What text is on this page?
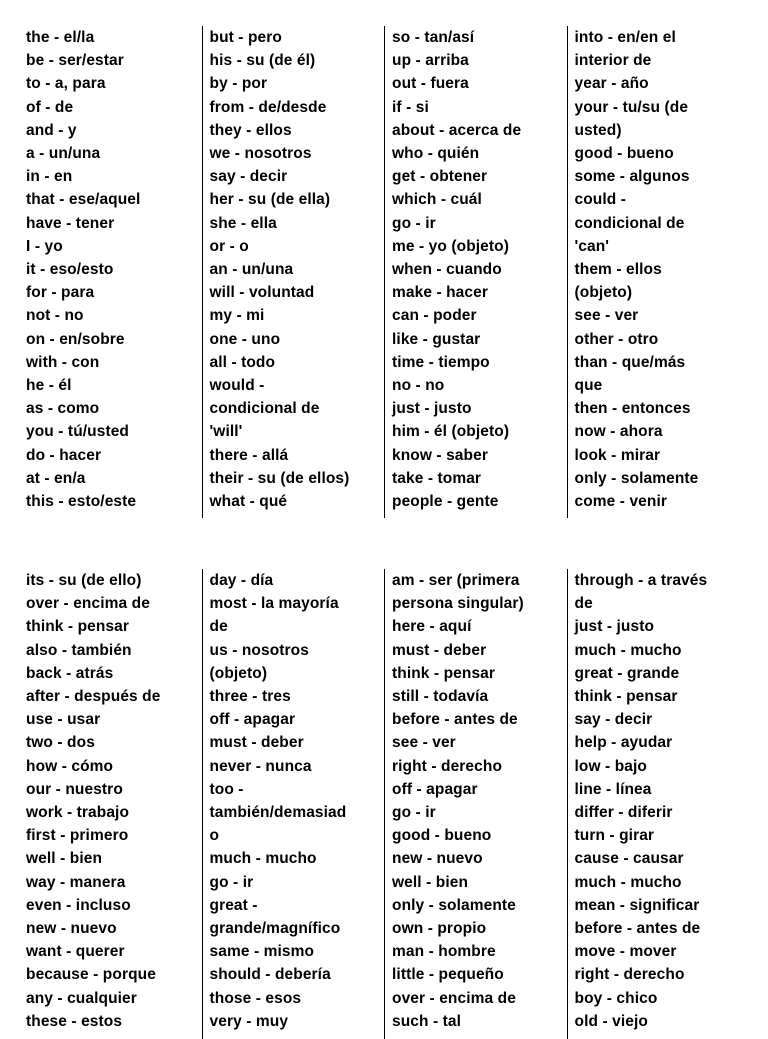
the - el/la
be - ser/estar
to - a, para
of - de
and - y
a - un/una
in - en
that - ese/aquel
have - tener
I - yo
it - eso/esto
for - para
not - no
on - en/sobre
with - con
he - él
as - como
you - tú/usted
do - hacer
at - en/a
this - esto/este
but - pero
his - su (de él)
by - por
from - de/desde
they - ellos
we - nosotros
say - decir
her - su (de ella)
she - ella
or - o
an - un/una
will - voluntad
my - mi
one - uno
all - todo
would -
condicional de
'will'
there - allá
their - su (de ellos)
what - qué
so - tan/así
up - arriba
out - fuera
if - si
about - acerca de
who - quién
get - obtener
which - cuál
go - ir
me - yo (objeto)
when - cuando
make - hacer
can - poder
like - gustar
time - tiempo
no - no
just - justo
him - él (objeto)
know - saber
take - tomar
people - gente
into - en/en el
interior de
year - año
your - tu/su (de
usted)
good - bueno
some - algunos
could -
condicional de
'can'
them - ellos
(objeto)
see - ver
other - otro
than - que/más
que
then - entonces
now - ahora
look - mirar
only - solamente
come - venir
its - su (de ello)
over - encima de
think - pensar
also - también
back - atrás
after - después de
use - usar
two - dos
how - cómo
our - nuestro
work - trabajo
first - primero
well - bien
way - manera
even - incluso
new - nuevo
want - querer
because - porque
any - cualquier
these - estos
day - día
most - la mayoría
de
us - nosotros
(objeto)
three - tres
off - apagar
must - deber
never - nunca
too -
también/demasiad
o
much - mucho
go - ir
great -
grande/magnífico
same - mismo
should - debería
those - esos
very - muy
am - ser (primera
persona singular)
here - aquí
must - deber
think - pensar
still - todavía
before - antes de
see - ver
right - derecho
off - apagar
go - ir
good - bueno
new - nuevo
well - bien
only - solamente
own - propio
man - hombre
little - pequeño
over - encima de
such - tal
through - a través
de
just - justo
much - mucho
great - grande
think - pensar
say - decir
help - ayudar
low - bajo
line - línea
differ - diferir
turn - girar
cause - causar
much - mucho
mean - significar
before - antes de
move - mover
right - derecho
boy - chico
old - viejo
